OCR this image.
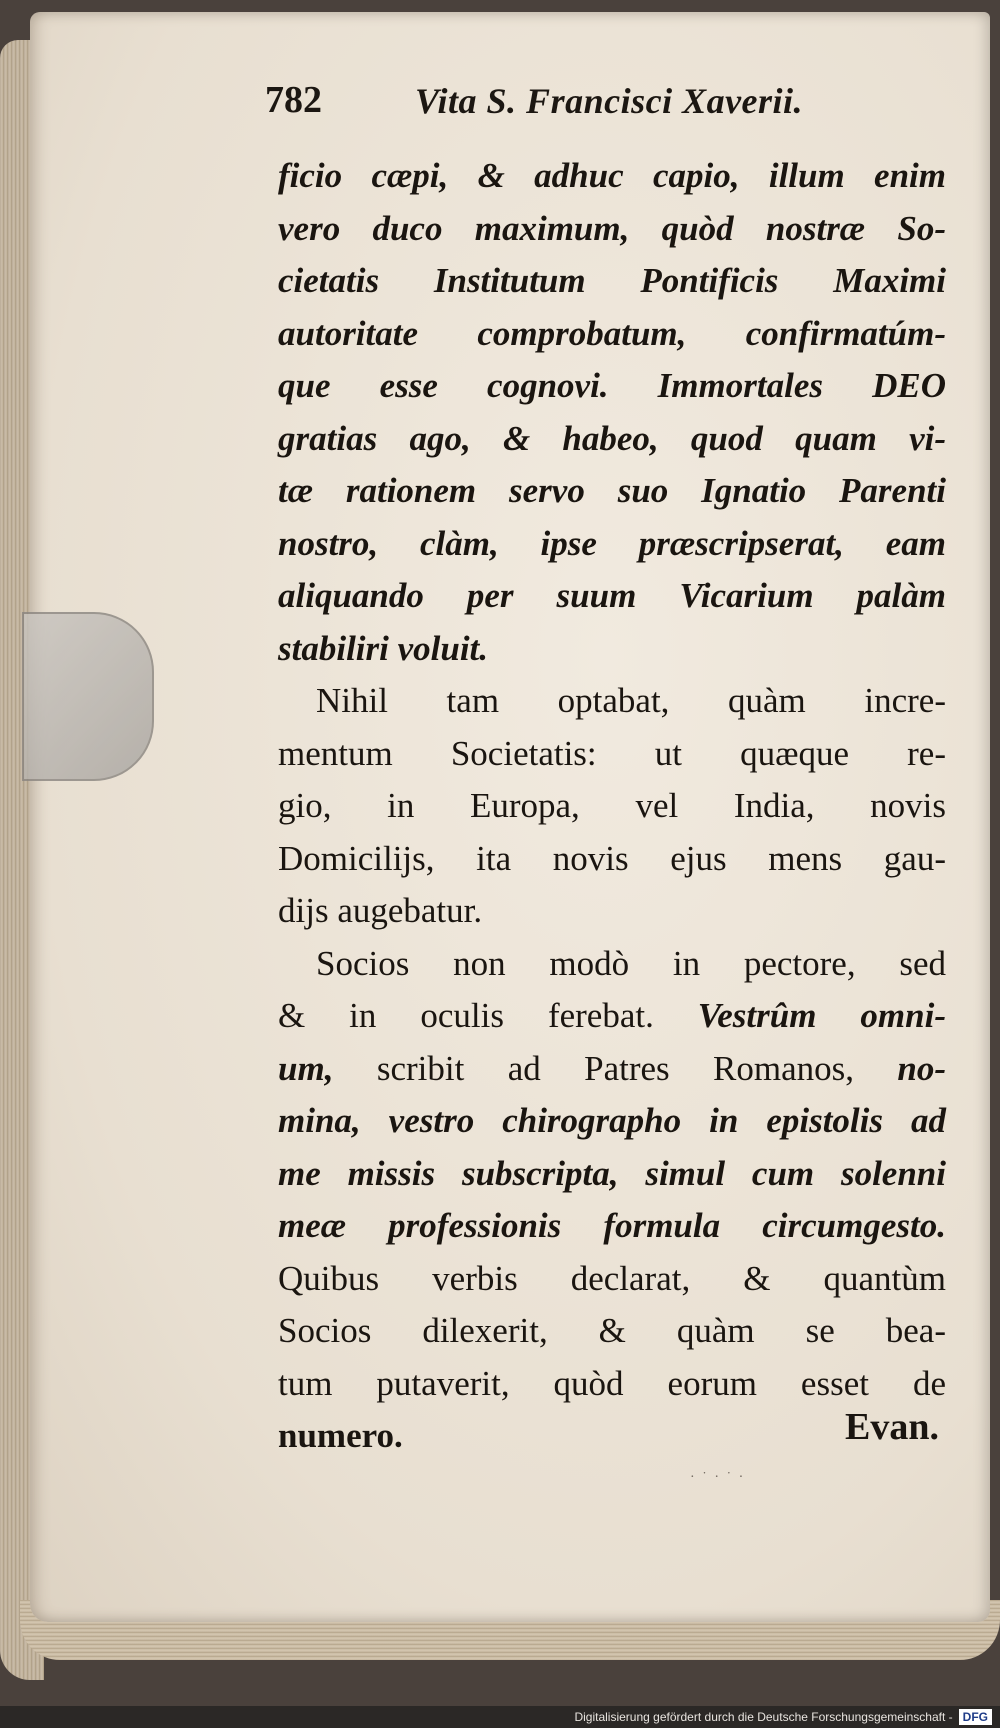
782	Vita S. Francisci Xaverii.
ficio cæpi, & adhuc capio, illum enim
vero duco maximum, quòd nostræ So-
cietatis Institutum Pontificis Maximi
autoritate comprobatum, confirmatúm-
que esse cognovi. Immortales DEO
gratias ago, & habeo, quod quam vi-
tæ rationem servo suo Ignatio Parenti
nostro, clàm, ipse præscripserat, eam
aliquando per suum Vicarium palàm
stabiliri voluit.
Nihil tam optabat, quàm incre-
mentum Societatis: ut quæque re-
gio, in Europa, vel India, novis
Domicilijs, ita novis ejus mens gau-
dijs augebatur.
Socios non modò in pectore, sed
& in oculis ferebat. Vestrûm omni-
um, scribit ad Patres Romanos, no-
mina, vestro chirographo in epistolis ad
me missis subscripta, simul cum solenni
meæ professionis formula circumgesto.
Quibus verbis declarat, & quantùm
Socios dilexerit, & quàm se bea-
tum putaverit, quòd eorum esset de
numero.	Evan.
· ˙ · ˙ ·
Digitalisierung gefördert durch die Deutsche Forschungsgemeinschaft - DFG
